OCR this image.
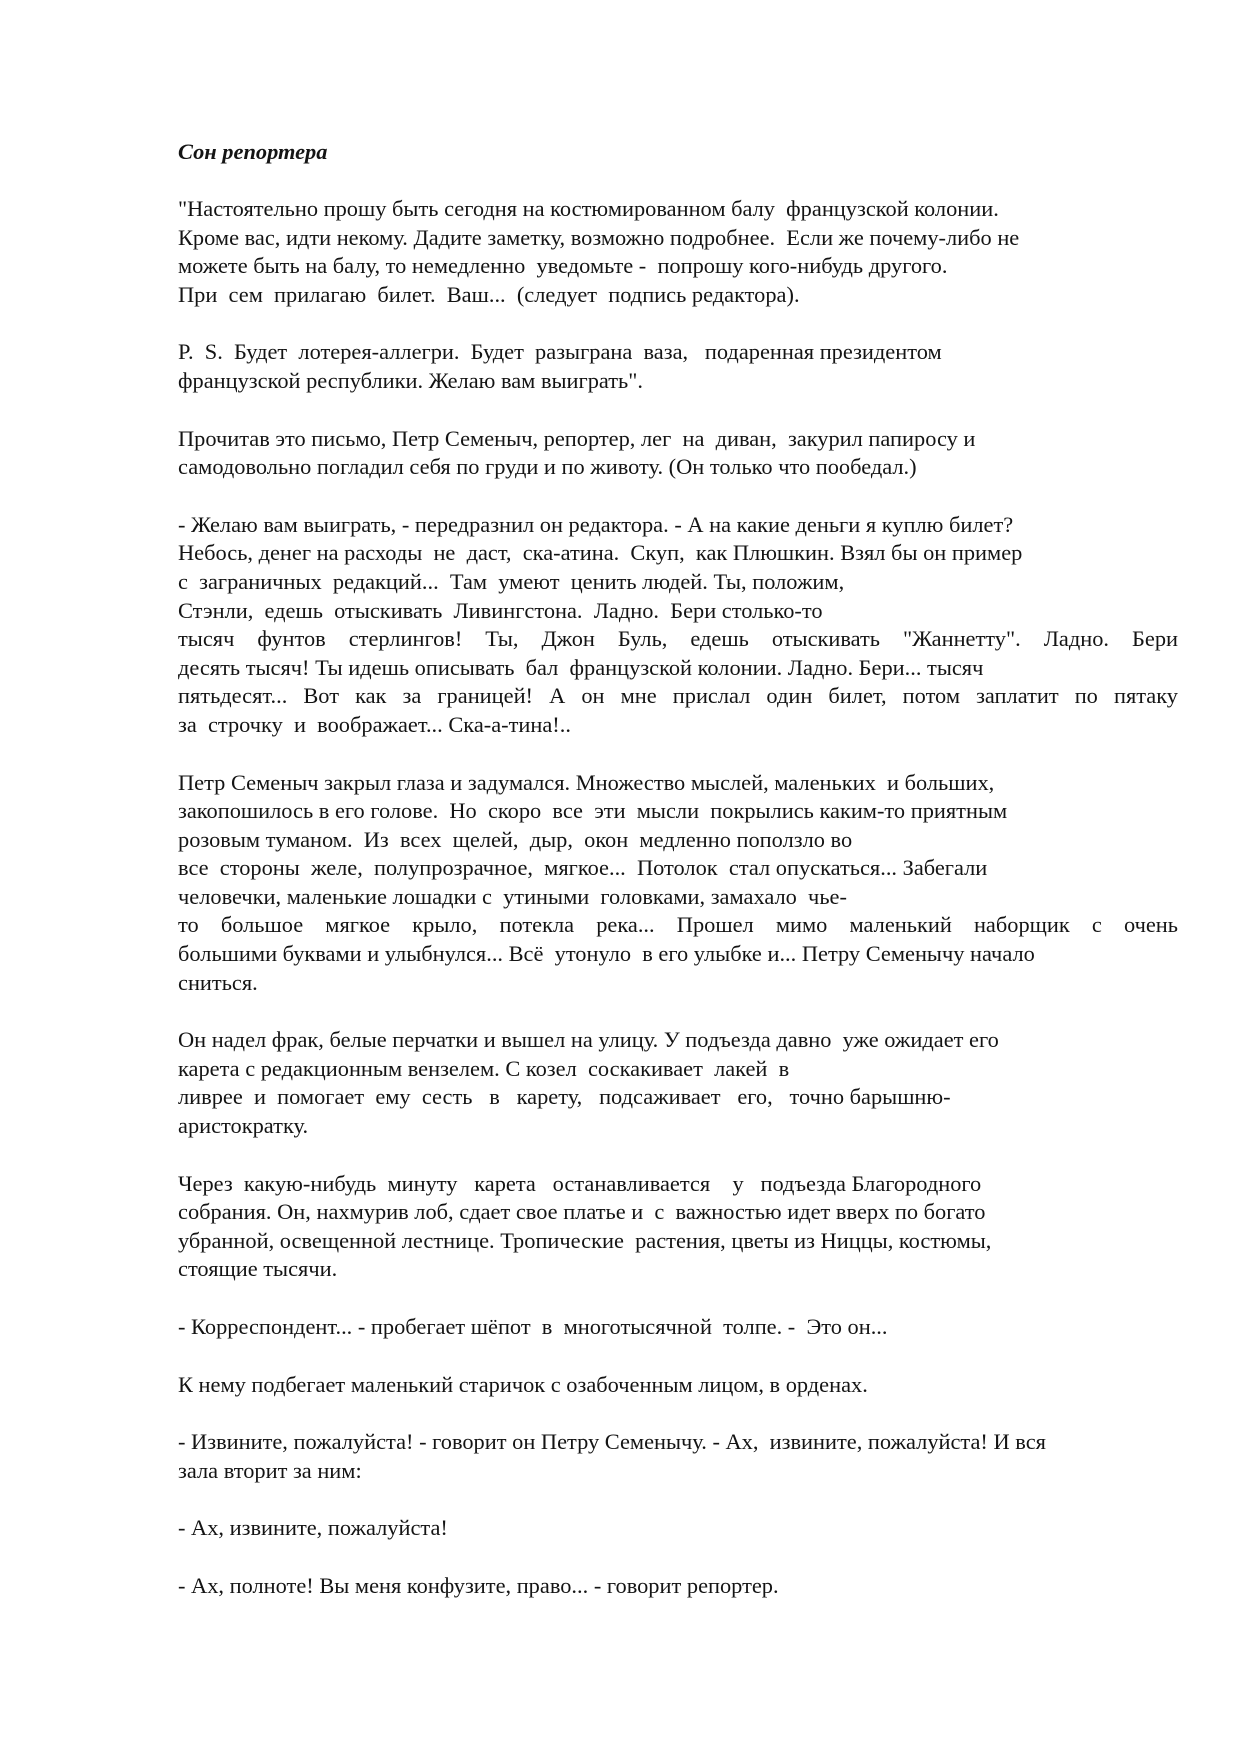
Сон репортера
"Настоятельно прошу быть сегодня на костюмированном балу  французской колонии.
Кроме вас, идти некому. Дадите заметку, возможно подробнее.  Если же почему-либо не
можете быть на балу, то немедленно  уведомьте -  попрошу кого-нибудь другого.
При  сем  прилагаю  билет.  Ваш...  (следует  подпись редактора).
P.  S.  Будет  лотерея-аллегри.  Будет  разыграна  ваза,   подаренная президентом
французской республики. Желаю вам выиграть".
Прочитав это письмо, Петр Семеныч, репортер, лег  на  диван,  закурил папиросу и
самодовольно погладил себя по груди и по животу. (Он только что пообедал.)
- Желаю вам выиграть, - передразнил он редактора. - А на какие деньги я куплю билет?
Небось, денег на расходы  не  даст,  ска-атина.  Скуп,  как Плюшкин. Взял бы он пример
с  заграничных  редакций...  Там  умеют  ценить людей. Ты, положим,
Стэнли,  едешь  отыскивать  Ливингстона.  Ладно.  Бери столько-то
тысяч фунтов стерлингов! Ты, Джон Буль, едешь отыскивать "Жаннетту". Ладно. Бери
десять тысяч! Ты идешь описывать  бал  французской колонии. Ладно. Бери... тысяч
пятьдесят... Вот как за границей! А он мне прислал один билет, потом заплатит по пятаку
за  строчку  и  воображает... Ска-а-тина!..
Петр Семеныч закрыл глаза и задумался. Множество мыслей, маленьких  и больших,
закопошилось в его голове.  Но  скоро  все  эти  мысли  покрылись каким-то приятным
розовым туманом.  Из  всех  щелей,  дыр,  окон  медленно поползло во
все  стороны  желе,  полупрозрачное,  мягкое...  Потолок  стал опускаться... Забегали
человечки, маленькие лошадки с  утиными  головками, замахало  чье-
то большое мягкое крыло, потекла река... Прошел мимо маленький наборщик с очень
большими буквами и улыбнулся... Всё  утонуло  в его улыбке и... Петру Семенычу начало
сниться.
Он надел фрак, белые перчатки и вышел на улицу. У подъезда давно  уже ожидает его
карета с редакционным вензелем. С козел  соскакивает  лакей  в
ливрее  и  помогает  ему  сесть   в   карету,   подсаживает   его,   точно барышню-
аристократку.
Через  какую-нибудь  минуту   карета   останавливается    у   подъезда Благородного
собрания. Он, нахмурив лоб, сдает свое платье и  с  важностью идет вверх по богато
убранной, освещенной лестнице. Тропические  растения, цветы из Ниццы, костюмы,
стоящие тысячи.
- Корреспондент... - пробегает шёпот  в  многотысячной  толпе. -  Это он...
К нему подбегает маленький старичок с озабоченным лицом, в орденах.
- Извините, пожалуйста! - говорит он Петру Семенычу. - Ах,  извините, пожалуйста! И вся
зала вторит за ним:
- Ах, извините, пожалуйста!
- Ах, полноте! Вы меня конфузите, право... - говорит репортер.
